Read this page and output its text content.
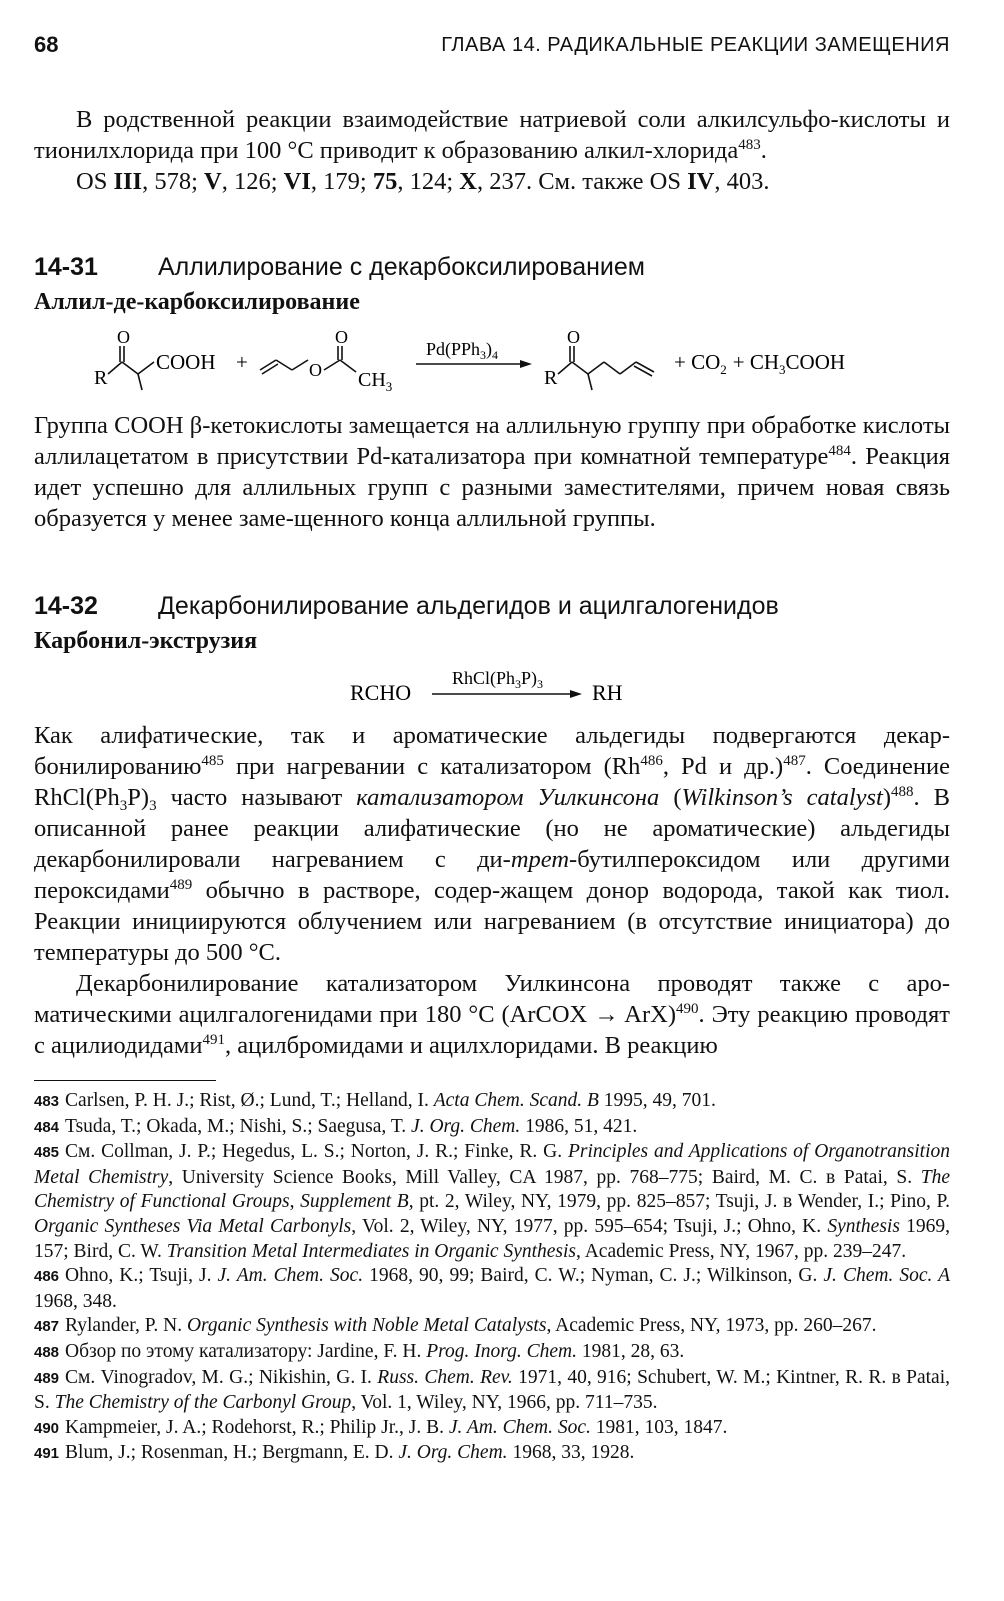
68	ГЛАВА 14. РАДИКАЛЬНЫЕ РЕАКЦИИ ЗАМЕЩЕНИЯ

В родственной реакции взаимодействие натриевой соли алкилсульфо-кислоты и тионилхлорида при 100 °С приводит к образованию алкил-хлорида$^{483}$.

OS III, 578; V, 126; VI, 179; 75, 124; X, 237. См. также OS IV, 403.

14-31 Аллилирование с декарбоксилированием
Аллил-де-карбоксилирование
O
R
COOH +	O
O
$CH_3$
$Pd(PPh_3)_4$
O
R
+ $CO_2$ + $CH_3COOH$

Группа COOH β-кетокислоты замещается на аллильную группу при обработке кислоты аллилацетатом в присутствии Pd-катализатора при комнатной температуре$^{484}$. Реакция идет успешно для аллильных групп с разными заместителями, причем новая связь образуется у менее заме-щенного конца аллильной группы.

14-32 Декарбонилирование альдегидов и ацилгалогенидов
Карбонил-экструзия
RCHO
$RhCl(Ph_3P)_3$ RH

Как алифатические, так и ароматические альдегиды подвергаются декар-бонилированию$^{485}$ при нагревании с катализатором (Rh$^{486}$, Pd и др.)$^{487}$. Соединение $RhCl(Ph_3P)_3$ часто называют катализатором Уилкинсона (Wilkinson’s catalyst)$^{488}$. В описанной ранее реакции алифатические (но не ароматические) альдегиды декарбонилировали нагреванием с ди-трет-бутилпероксидом или другими пероксидами$^{489}$ обычно в растворе, содер-жащем донор водорода, такой как тиол. Реакции инициируются облучением или нагреванием (в отсутствие инициатора) до температуры до 500 °С.

Декарбонилирование катализатором Уилкинсона проводят также с аро-матическими ацилгалогенидами при 180 °С (ArCOX → ArX)$^{490}$. Эту реакцию проводят с ацилиодидами$^{491}$, ацилбромидами и ацилхлоридами. В реакцию

483 Carlsen, P. H. J.; Rist, Ø.; Lund, T.; Helland, I. Acta Chem. Scand. B 1995, 49, 701.
484 Tsuda, T.; Okada, M.; Nishi, S.; Saegusa, T. J. Org. Chem. 1986, 51, 421.
485 См. Collman, J. P.; Hegedus, L. S.; Norton, J. R.; Finke, R. G. Principles and Applications of Organotransition Metal Chemistry, University Science Books, Mill Valley, CA 1987, pp. 768–775; Baird, M. C. в Patai, S. The Chemistry of Functional Groups, Supplement B, pt. 2, Wiley, NY, 1979, pp. 825–857; Tsuji, J. в Wender, I.; Pino, P. Organic Syntheses Via Metal Carbonyls, Vol. 2, Wiley, NY, 1977, pp. 595–654; Tsuji, J.; Ohno, K. Synthesis 1969, 157; Bird, C. W. Transition Metal Intermediates in Organic Synthesis, Academic Press, NY, 1967, pp. 239–247.
486 Ohno, K.; Tsuji, J. J. Am. Chem. Soc. 1968, 90, 99; Baird, C. W.; Nyman, C. J.; Wilkinson, G. J. Chem. Soc. A 1968, 348.
487 Rylander, P. N. Organic Synthesis with Noble Metal Catalysts, Academic Press, NY, 1973, pp. 260–267.
488 Обзор по этому катализатору: Jardine, F. H. Prog. Inorg. Chem. 1981, 28, 63.
489 См. Vinogradov, M. G.; Nikishin, G. I. Russ. Chem. Rev. 1971, 40, 916; Schubert, W. M.; Kintner, R. R. в Patai, S. The Chemistry of the Carbonyl Group, Vol. 1, Wiley, NY, 1966, pp. 711–735.
490 Kampmeier, J. A.; Rodehorst, R.; Philip Jr., J. B. J. Am. Chem. Soc. 1981, 103, 1847.
491 Blum, J.; Rosenman, H.; Bergmann, E. D. J. Org. Chem. 1968, 33, 1928.
